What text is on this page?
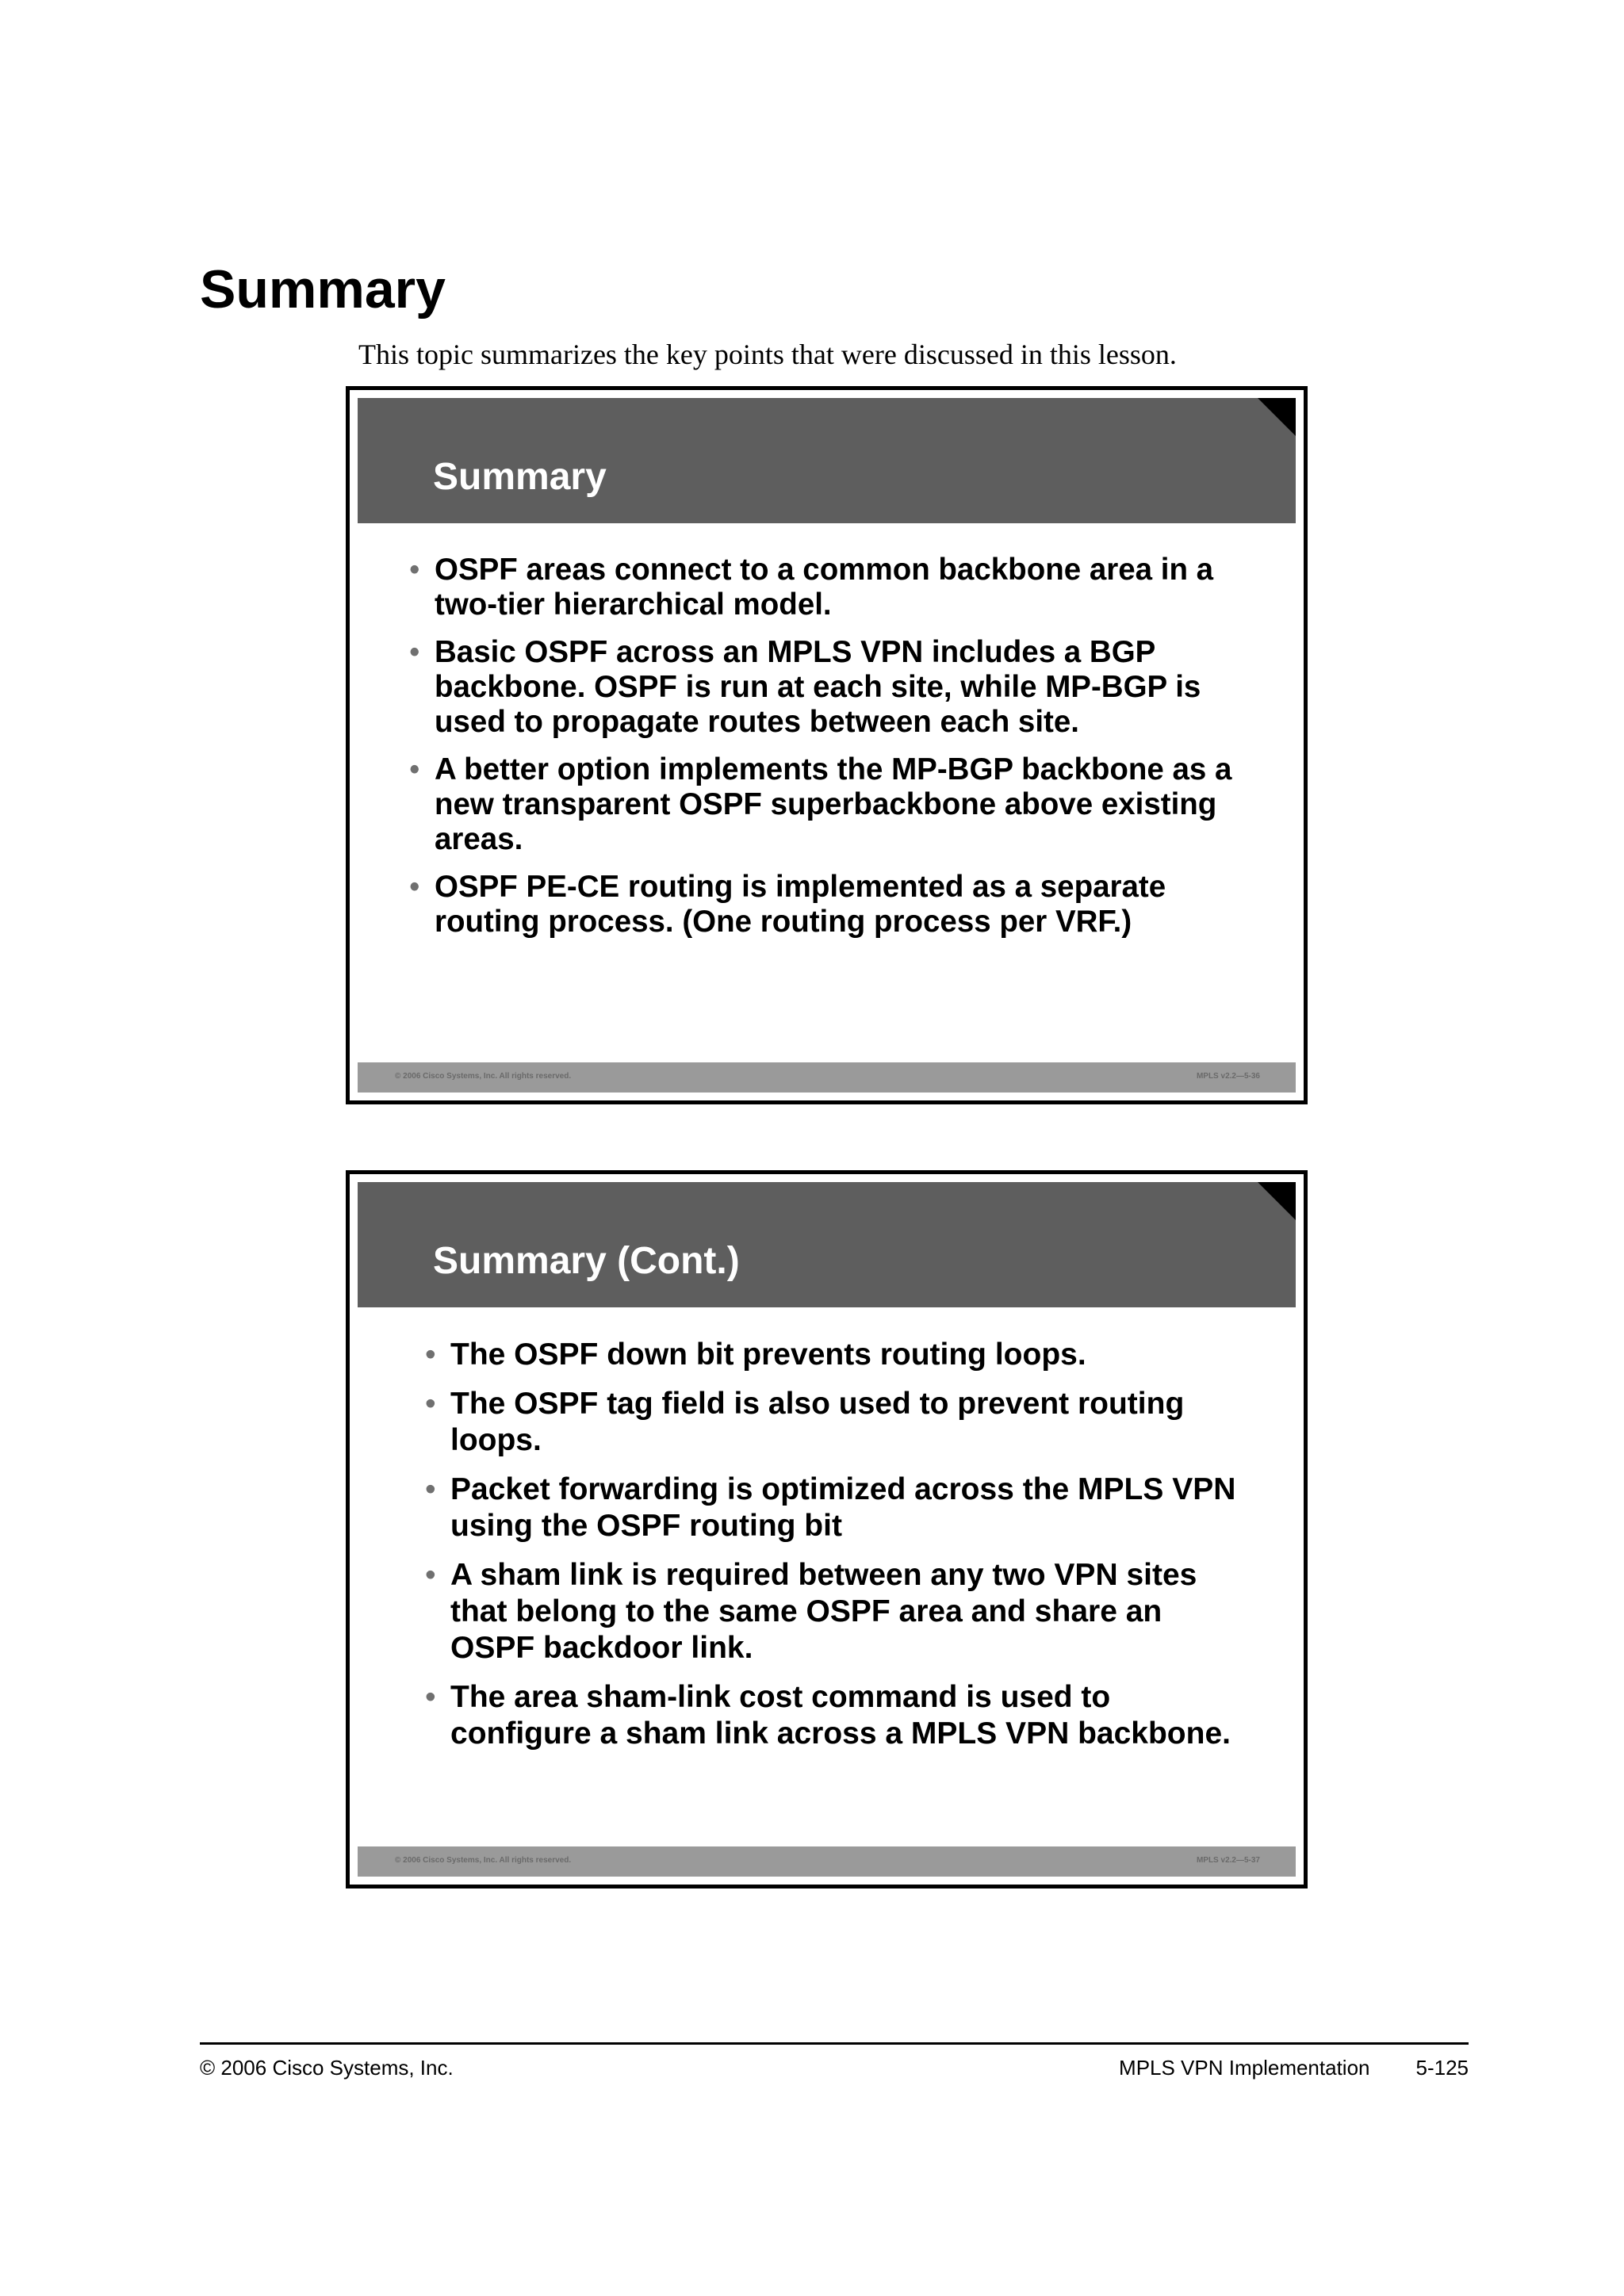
Summary

This topic summarizes the key points that were discussed in this lesson.

Summary
• OSPF areas connect to a common backbone area in a two-tier hierarchical model.
• Basic OSPF across an MPLS VPN includes a BGP backbone. OSPF is run at each site, while MP-BGP is used to propagate routes between each site.
• A better option implements the MP-BGP backbone as a new transparent OSPF superbackbone above existing areas.
• OSPF PE-CE routing is implemented as a separate routing process. (One routing process per VRF.)
© 2006 Cisco Systems, Inc. All rights reserved.	MPLS v2.2—5-36
Summary (Cont.)
• The OSPF down bit prevents routing loops.
• The OSPF tag field is also used to prevent routing loops.
• Packet forwarding is optimized across the MPLS VPN using the OSPF routing bit
• A sham link is required between any two VPN sites that belong to the same OSPF area and share an OSPF backdoor link.
• The area sham-link cost command is used to configure a sham link across a MPLS VPN backbone.
© 2006 Cisco Systems, Inc. All rights reserved.	MPLS v2.2—5-37
© 2006 Cisco Systems, Inc.	MPLS VPN Implementation 5-125
